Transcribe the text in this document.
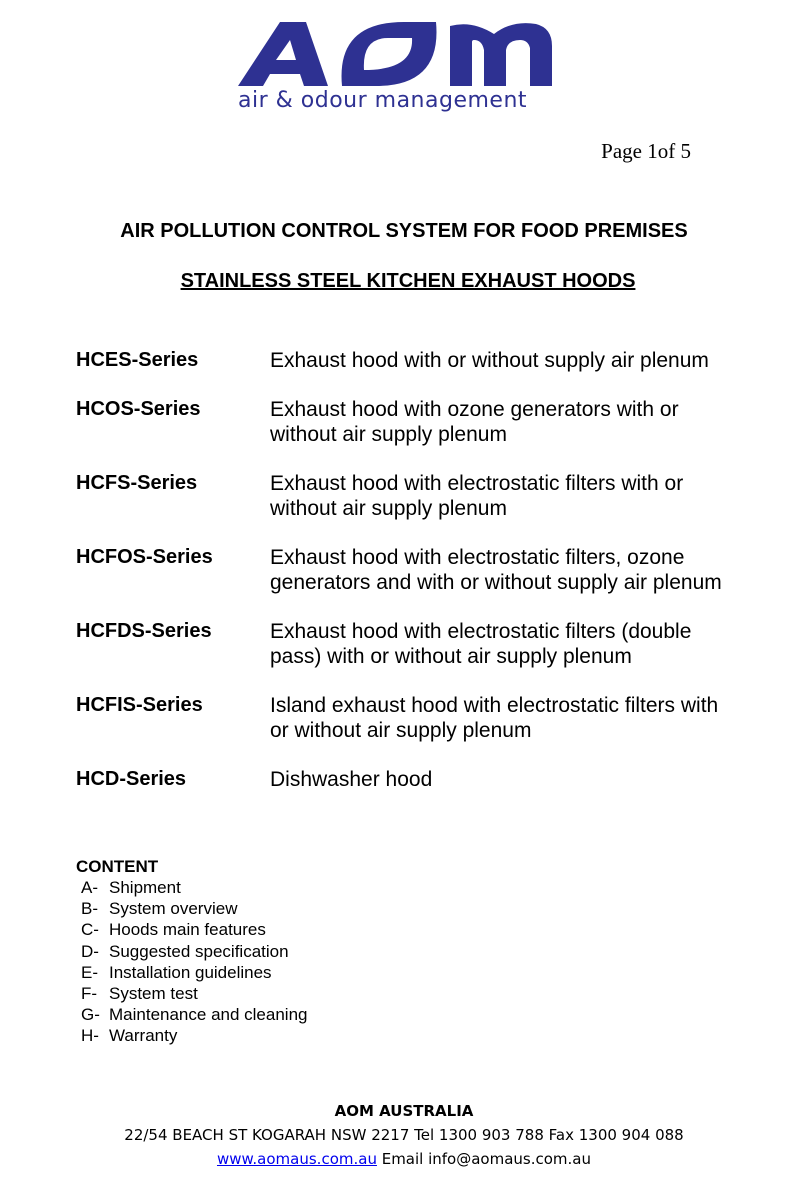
air & odour management
Page 1of 5
AIR POLLUTION CONTROL SYSTEM FOR FOOD PREMISES
STAINLESS STEEL KITCHEN EXHAUST HOODS
HCES-Series	Exhaust hood with or without supply air plenum
HCOS-Series	Exhaust hood with ozone generators with or without air supply plenum
HCFS-Series	Exhaust hood with electrostatic filters with or without air supply plenum
HCFOS-Series	Exhaust hood with electrostatic filters, ozone generators and with or without supply air plenum
HCFDS-Series	Exhaust hood with electrostatic filters (double pass) with or without air supply plenum
HCFIS-Series	Island exhaust hood with electrostatic filters with or without air supply plenum
HCD-Series	Dishwasher hood
CONTENT
A- Shipment
B- System overview
C- Hoods main features
D- Suggested specification
E- Installation guidelines
F- System test
G- Maintenance and cleaning
H- Warranty
AOM AUSTRALIA
22/54 BEACH ST KOGARAH NSW 2217 Tel 1300 903 788 Fax 1300 904 088
www.aomaus.com.au Email info@aomaus.com.au
